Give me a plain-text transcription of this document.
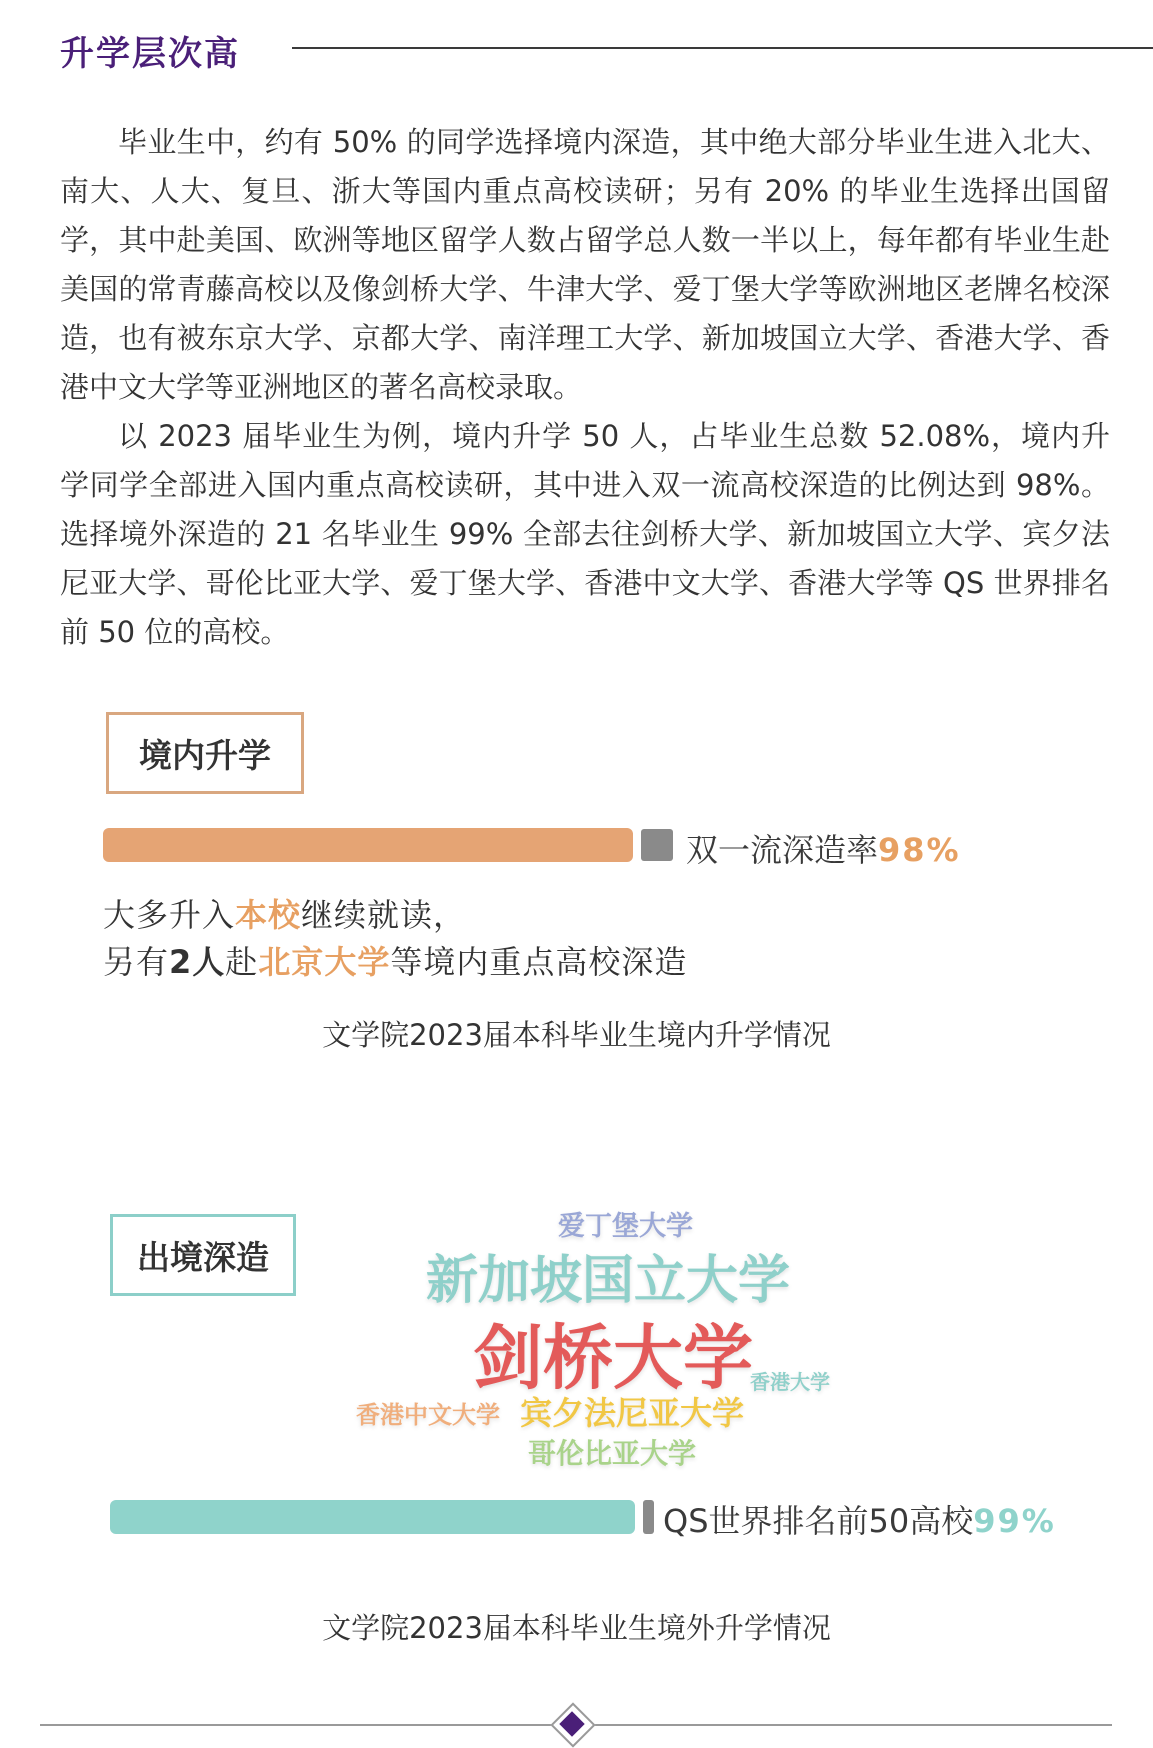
升学层次高

毕业生中，约有 50% 的同学选择境内深造，其中绝大部分毕业生进入北大、南大、人大、复旦、浙大等国内重点高校读研；另有 20% 的毕业生选择出国留学，其中赴美国、欧洲等地区留学人数占留学总人数一半以上，每年都有毕业生赴美国的常青藤高校以及像剑桥大学、牛津大学、爱丁堡大学等欧洲地区老牌名校深造，也有被东京大学、京都大学、南洋理工大学、新加坡国立大学、香港大学、香港中文大学等亚洲地区的著名高校录取。

以 2023 届毕业生为例，境内升学 50 人，占毕业生总数 52.08%，境内升学同学全部进入国内重点高校读研，其中进入双一流高校深造的比例达到 98%。选择境外深造的 21 名毕业生 99% 全部去往剑桥大学、新加坡国立大学、宾夕法尼亚大学、哥伦比亚大学、爱丁堡大学、香港中文大学、香港大学等 QS 世界排名前 50 位的高校。

境内升学
双一流深造率98%
大多升入本校继续就读，
另有2人赴北京大学等境内重点高校深造
文学院2023届本科毕业生境内升学情况
出境深造
爱丁堡大学
新加坡国立大学
剑桥大学
香港大学
香港中文大学 宾夕法尼亚大学
哥伦比亚大学
QS世界排名前50高校99%
文学院2023届本科毕业生境外升学情况
